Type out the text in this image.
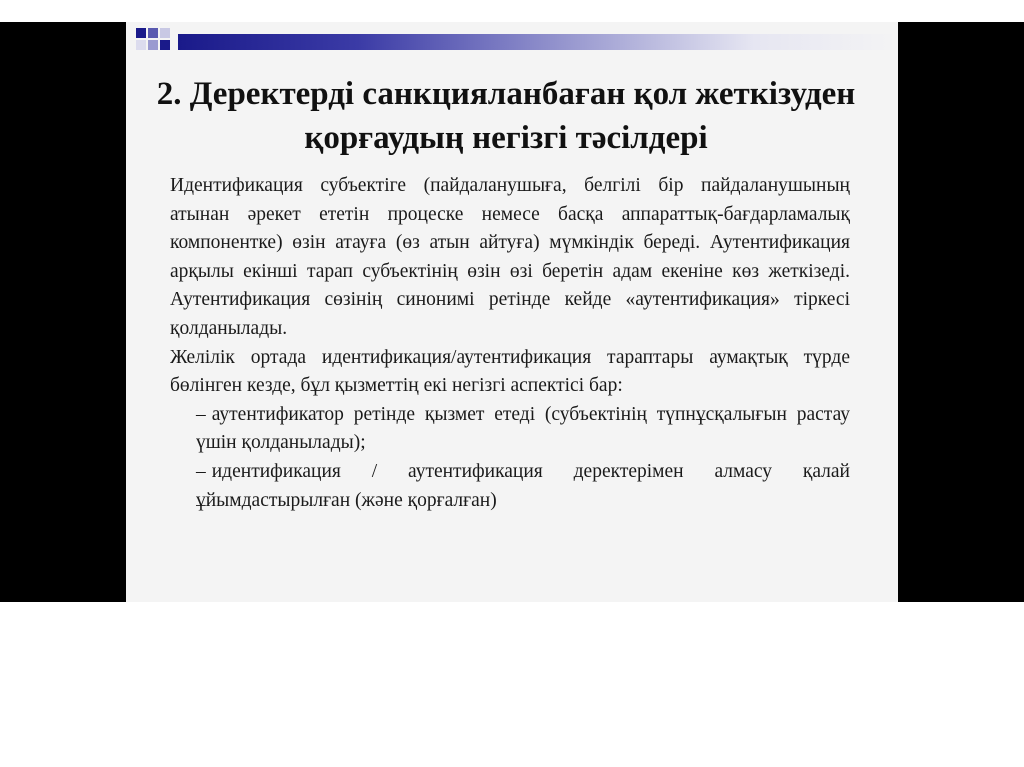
2. Деректерді санкцияланбаған қол жеткізуден қорғаудың негізгі тәсілдері

Идентификация субъектіге (пайдаланушыға, белгілі бір пайдаланушының атынан әрекет ететін процеске немесе басқа аппараттық-бағдарламалық компонентке) өзін атауға (өз атын айтуға) мүмкіндік береді. Аутентификация арқылы екінші тарап субъектінің өзін өзі беретін адам екеніне көз жеткізеді. Аутентификация сөзінің синонимі ретінде кейде «аутентификация» тіркесі қолданылады.

Желілік ортада идентификация/аутентификация тараптары аумақтық түрде бөлінген кезде, бұл қызметтің екі негізгі аспектісі бар:

– аутентификатор ретінде қызмет етеді (субъектінің түпнұсқалығын растау үшін қолданылады);
– идентификация / аутентификация деректерімен алмасу қалай ұйымдастырылған (және қорғалған)
